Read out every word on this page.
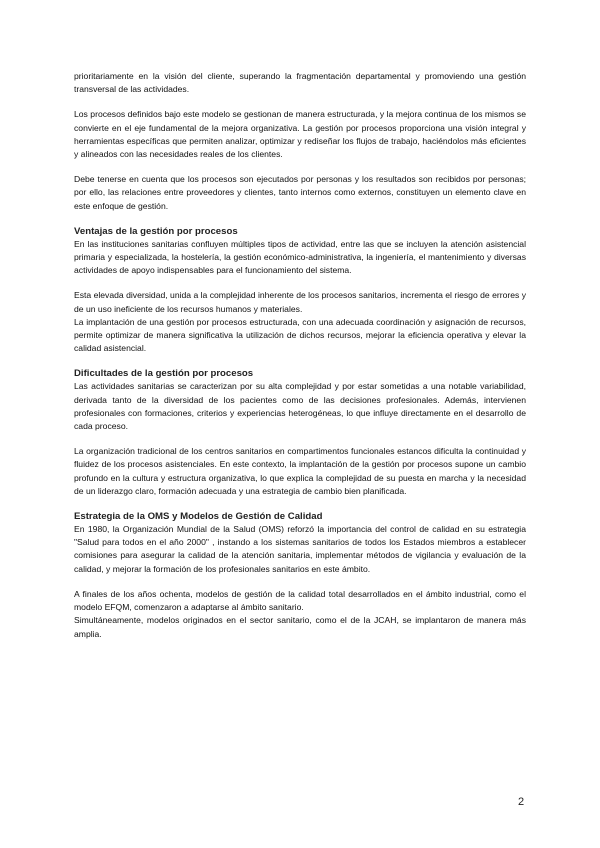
prioritariamente en la visión del cliente, superando la fragmentación departamental y promoviendo una gestión transversal de las actividades.

Los procesos definidos bajo este modelo se gestionan de manera estructurada, y la mejora continua de los mismos se convierte en el eje fundamental de la mejora organizativa. La gestión por procesos proporciona una visión integral y herramientas específicas que permiten analizar, optimizar y rediseñar los flujos de trabajo, haciéndolos más eficientes y alineados con las necesidades reales de los clientes.

Debe tenerse en cuenta que los procesos son ejecutados por personas y los resultados son recibidos por personas; por ello, las relaciones entre proveedores y clientes, tanto internos como externos, constituyen un elemento clave en este enfoque de gestión.

Ventajas de la gestión por procesos

En las instituciones sanitarias confluyen múltiples tipos de actividad, entre las que se incluyen la atención asistencial primaria y especializada, la hostelería, la gestión económico-administrativa, la ingeniería, el mantenimiento y diversas actividades de apoyo indispensables para el funcionamiento del sistema.

Esta elevada diversidad, unida a la complejidad inherente de los procesos sanitarios, incrementa el riesgo de errores y de un uso ineficiente de los recursos humanos y materiales.

La implantación de una gestión por procesos estructurada, con una adecuada coordinación y asignación de recursos, permite optimizar de manera significativa la utilización de dichos recursos, mejorar la eficiencia operativa y elevar la calidad asistencial.

Dificultades de la gestión por procesos

Las actividades sanitarias se caracterizan por su alta complejidad y por estar sometidas a una notable variabilidad, derivada tanto de la diversidad de los pacientes como de las decisiones profesionales. Además, intervienen profesionales con formaciones, criterios y experiencias heterogéneas, lo que influye directamente en el desarrollo de cada proceso.

La organización tradicional de los centros sanitarios en compartimentos funcionales estancos dificulta la continuidad y fluidez de los procesos asistenciales. En este contexto, la implantación de la gestión por procesos supone un cambio profundo en la cultura y estructura organizativa, lo que explica la complejidad de su puesta en marcha y la necesidad de un liderazgo claro, formación adecuada y una estrategia de cambio bien planificada.

Estrategia de la OMS y Modelos de Gestión de Calidad

En 1980, la Organización Mundial de la Salud (OMS) reforzó la importancia del control de calidad en su estrategia "Salud para todos en el año 2000" , instando a los sistemas sanitarios de todos los Estados miembros a establecer comisiones para asegurar la calidad de la atención sanitaria, implementar métodos de vigilancia y evaluación de la calidad, y mejorar la formación de los profesionales sanitarios en este ámbito.

A finales de los años ochenta, modelos de gestión de la calidad total desarrollados en el ámbito industrial, como el modelo EFQM, comenzaron a adaptarse al ámbito sanitario.

Simultáneamente, modelos originados en el sector sanitario, como el de la JCAH, se implantaron de manera más amplia.

2
